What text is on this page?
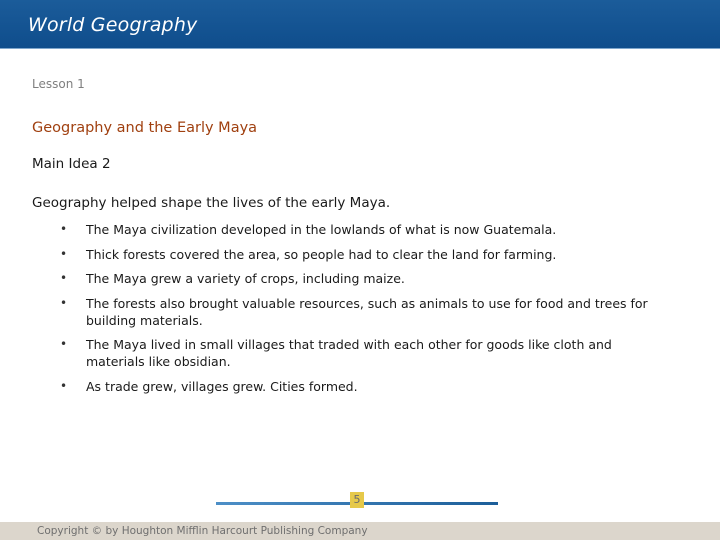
World Geography
Lesson 1
Geography and the Early Maya
Main Idea 2
Geography helped shape the lives of the early Maya.
• The Maya civilization developed in the lowlands of what is now Guatemala.
• Thick forests covered the area, so people had to clear the land for farming.
• The Maya grew a variety of crops, including maize.
• The forests also brought valuable resources, such as animals to use for food and trees for building materials.
• The Maya lived in small villages that traded with each other for goods like cloth and materials like obsidian.
• As trade grew, villages grew. Cities formed.
5
Copyright © by Houghton Mifflin Harcourt Publishing Company
